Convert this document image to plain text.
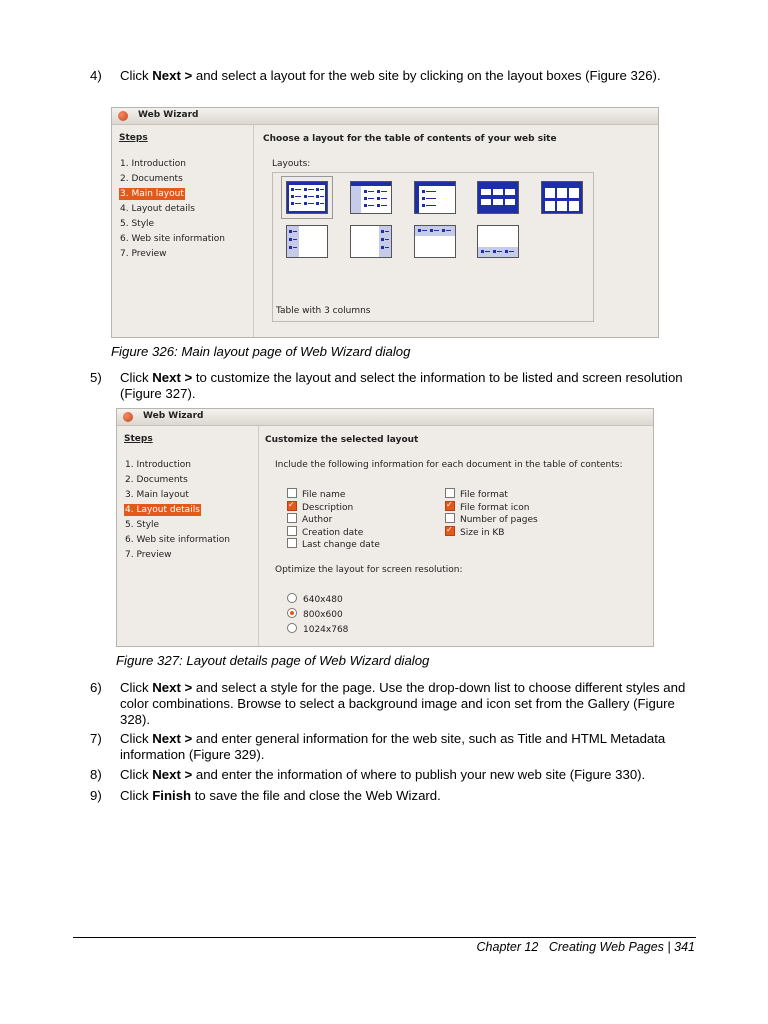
4)	Click Next > and select a layout for the web site by clicking on the layout boxes (Figure 326).
Web Wizard
Steps
1. Introduction
2. Documents
3. Main layout
4. Layout details
5. Style
6. Web site information
7. Preview
Choose a layout for the table of contents of your web site
Layouts:
Table with 3 columns
Figure 326: Main layout page of Web Wizard dialog
5)	Click Next > to customize the layout and select the information to be listed and screen resolution (Figure 327).
Web Wizard
Steps
1. Introduction
2. Documents
3. Main layout
4. Layout details
5. Style
6. Web site information
7. Preview
Customize the selected layout
Include the following information for each document in the table of contents:
File name
✓Description
Author
Creation date
Last change date
File format
✓File format icon
Number of pages
✓Size in KB
Optimize the layout for screen resolution:
640x480
800x600
1024x768
Figure 327: Layout details page of Web Wizard dialog
6)	Click Next > and select a style for the page. Use the drop-down list to choose different styles and color combinations. Browse to select a background image and icon set from the Gallery (Figure 328).
7)	Click Next > and enter general information for the web site, such as Title and HTML Metadata information (Figure 329).
8)	Click Next > and enter the information of where to publish your new web site (Figure 330).
9)	Click Finish to save the file and close the Web Wizard.
Chapter 12 Creating Web Pages | 341
